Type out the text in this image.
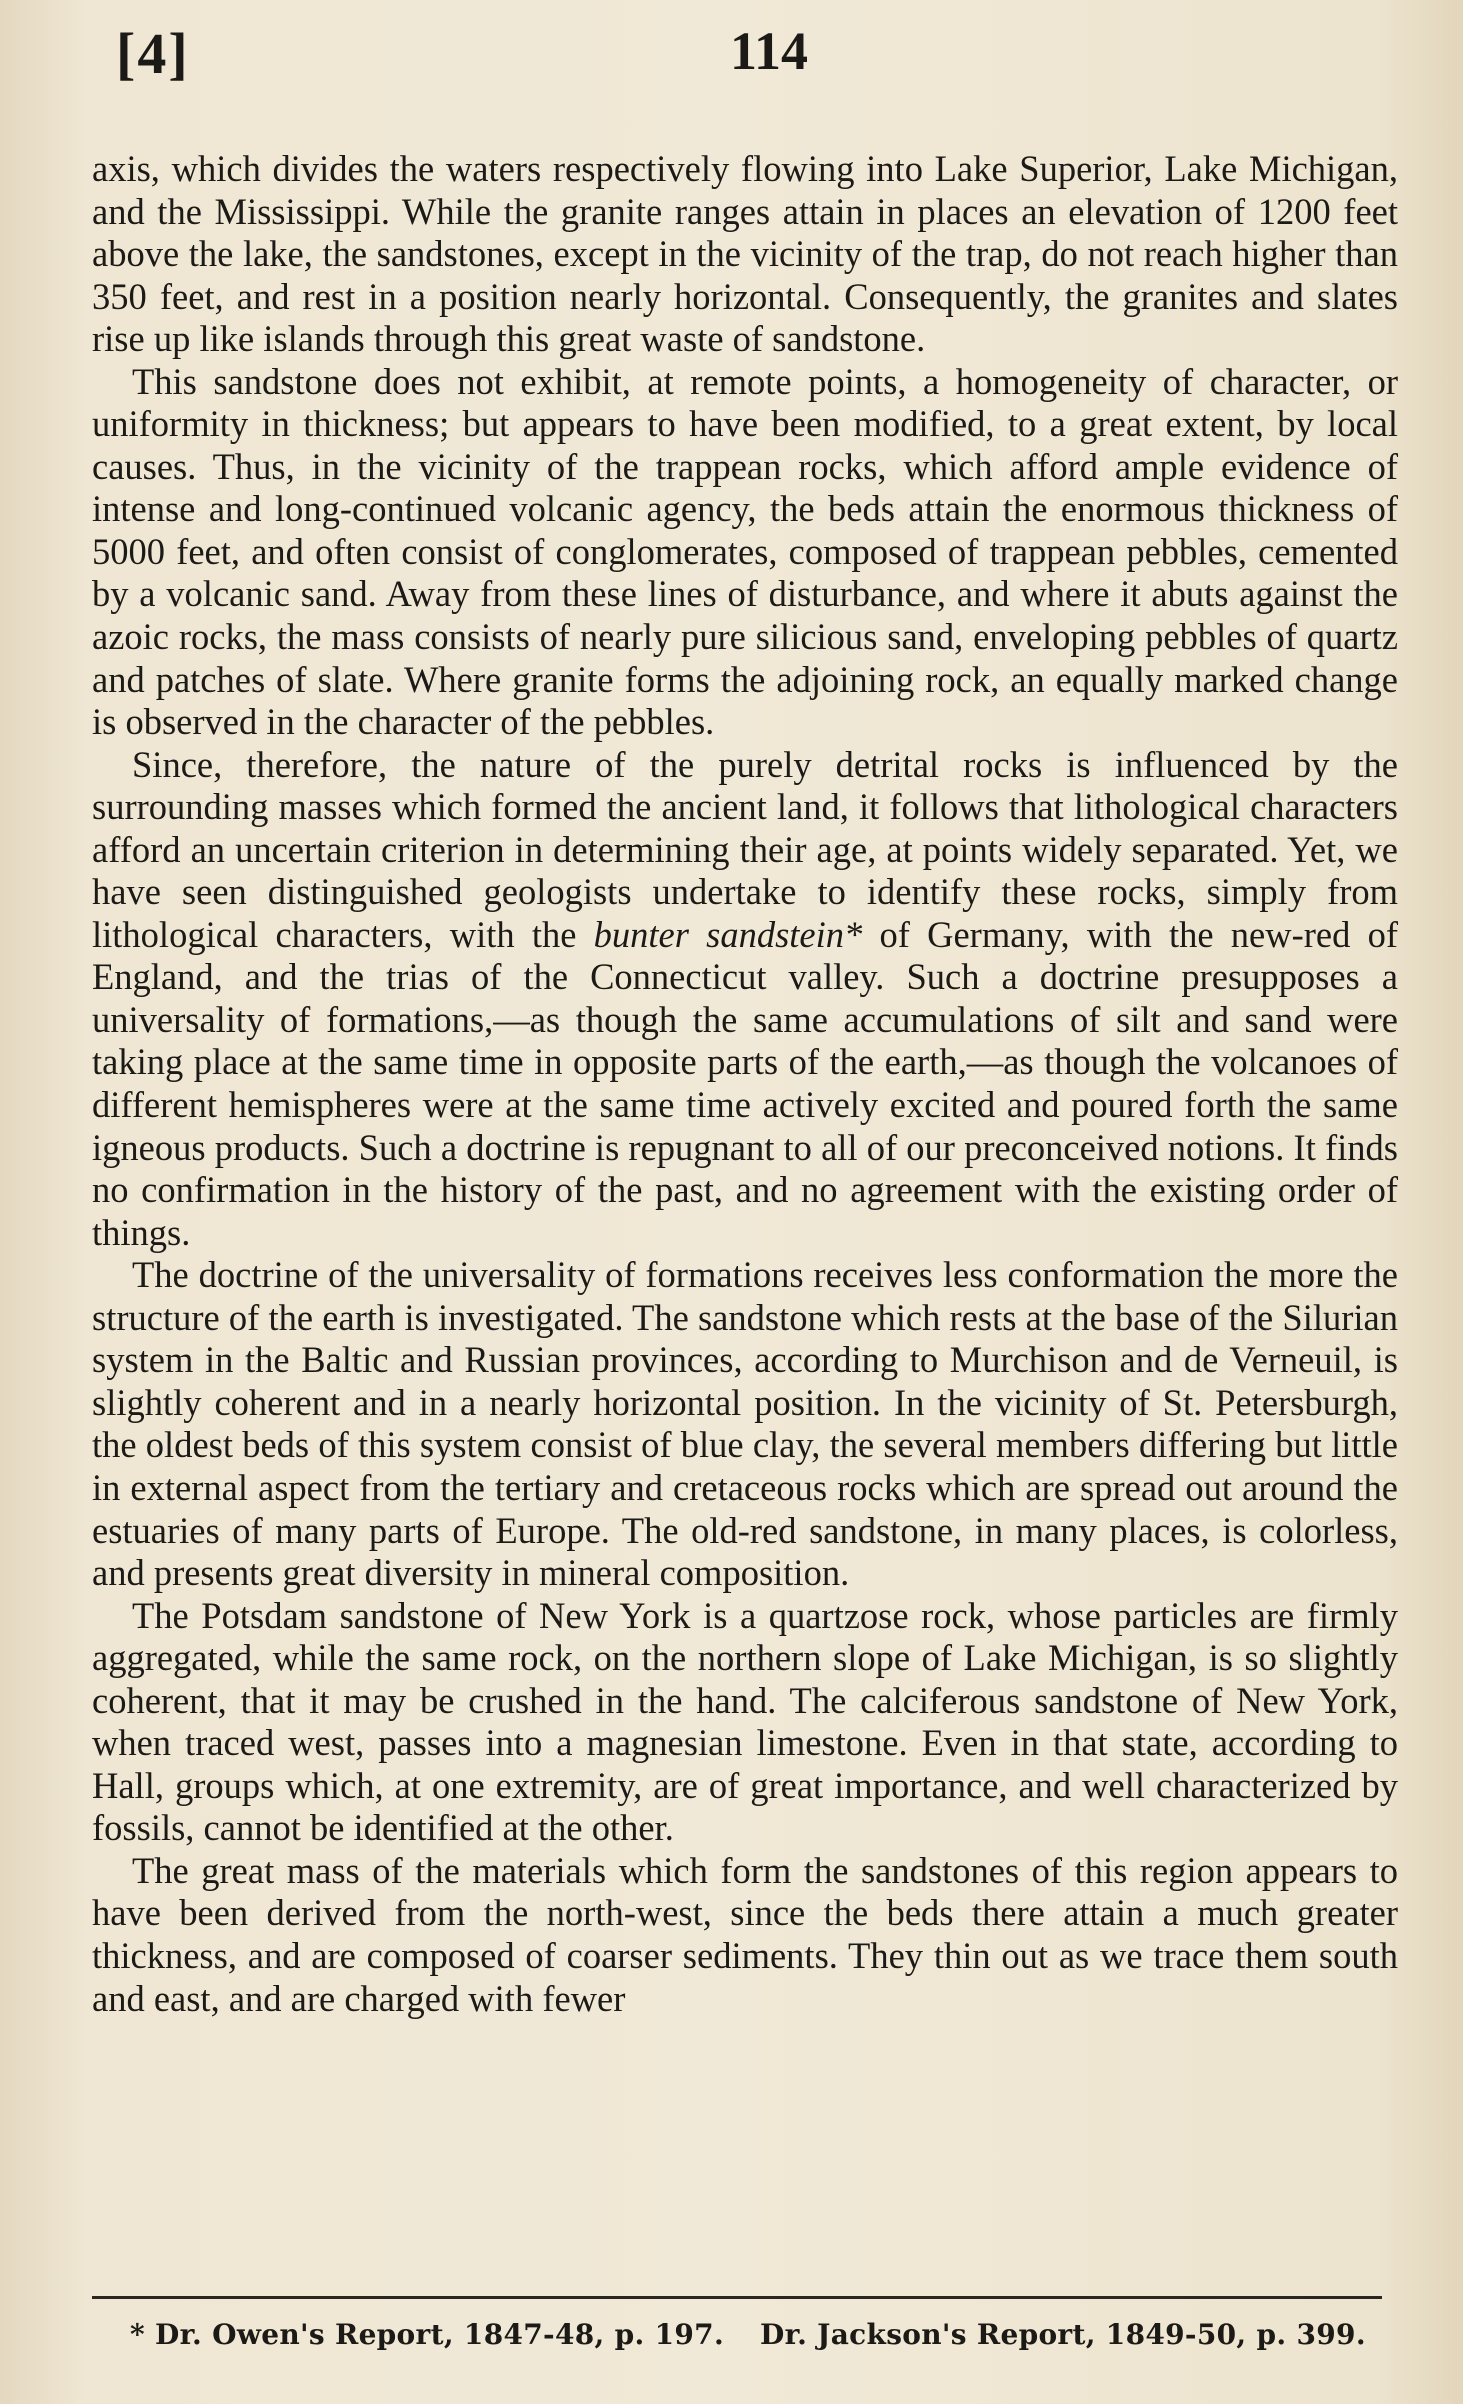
[4]	114

axis, which divides the waters respectively flowing into Lake Superior, Lake Michigan, and the Mississippi. While the granite ranges attain in places an elevation of 1200 feet above the lake, the sandstones, except in the vicinity of the trap, do not reach higher than 350 feet, and rest in a position nearly horizontal. Consequently, the granites and slates rise up like islands through this great waste of sandstone.

This sandstone does not exhibit, at remote points, a homogeneity of character, or uniformity in thickness; but appears to have been modified, to a great extent, by local causes. Thus, in the vicinity of the trappean rocks, which afford ample evidence of intense and long-continued volcanic agency, the beds attain the enormous thickness of 5000 feet, and often consist of conglomerates, composed of trappean pebbles, cemented by a volcanic sand. Away from these lines of disturbance, and where it abuts against the azoic rocks, the mass consists of nearly pure silicious sand, enveloping pebbles of quartz and patches of slate. Where granite forms the adjoining rock, an equally marked change is observed in the character of the pebbles.

Since, therefore, the nature of the purely detrital rocks is influenced by the surrounding masses which formed the ancient land, it follows that lithological characters afford an uncertain criterion in determining their age, at points widely separated. Yet, we have seen distinguished geologists undertake to identify these rocks, simply from lithological characters, with the bunter sandstein* of Germany, with the new-red of England, and the trias of the Connecticut valley. Such a doctrine presupposes a universality of formations,—as though the same accumulations of silt and sand were taking place at the same time in opposite parts of the earth,—as though the volcanoes of different hemispheres were at the same time actively excited and poured forth the same igneous products. Such a doctrine is repugnant to all of our preconceived notions. It finds no confirmation in the history of the past, and no agreement with the existing order of things.

The doctrine of the universality of formations receives less conformation the more the structure of the earth is investigated. The sandstone which rests at the base of the Silurian system in the Baltic and Russian provinces, according to Murchison and de Verneuil, is slightly coherent and in a nearly horizontal position. In the vicinity of St. Petersburgh, the oldest beds of this system consist of blue clay, the several members differing but little in external aspect from the tertiary and cretaceous rocks which are spread out around the estuaries of many parts of Europe. The old-red sandstone, in many places, is colorless, and presents great diversity in mineral composition.

The Potsdam sandstone of New York is a quartzose rock, whose particles are firmly aggregated, while the same rock, on the northern slope of Lake Michigan, is so slightly coherent, that it may be crushed in the hand. The calciferous sandstone of New York, when traced west, passes into a magnesian limestone. Even in that state, according to Hall, groups which, at one extremity, are of great importance, and well characterized by fossils, cannot be identified at the other.

The great mass of the materials which form the sandstones of this region appears to have been derived from the north-west, since the beds there attain a much greater thickness, and are composed of coarser sediments. They thin out as we trace them south and east, and are charged with fewer

* Dr. Owen's Report, 1847-48, p. 197. Dr. Jackson's Report, 1849-50, p. 399.
